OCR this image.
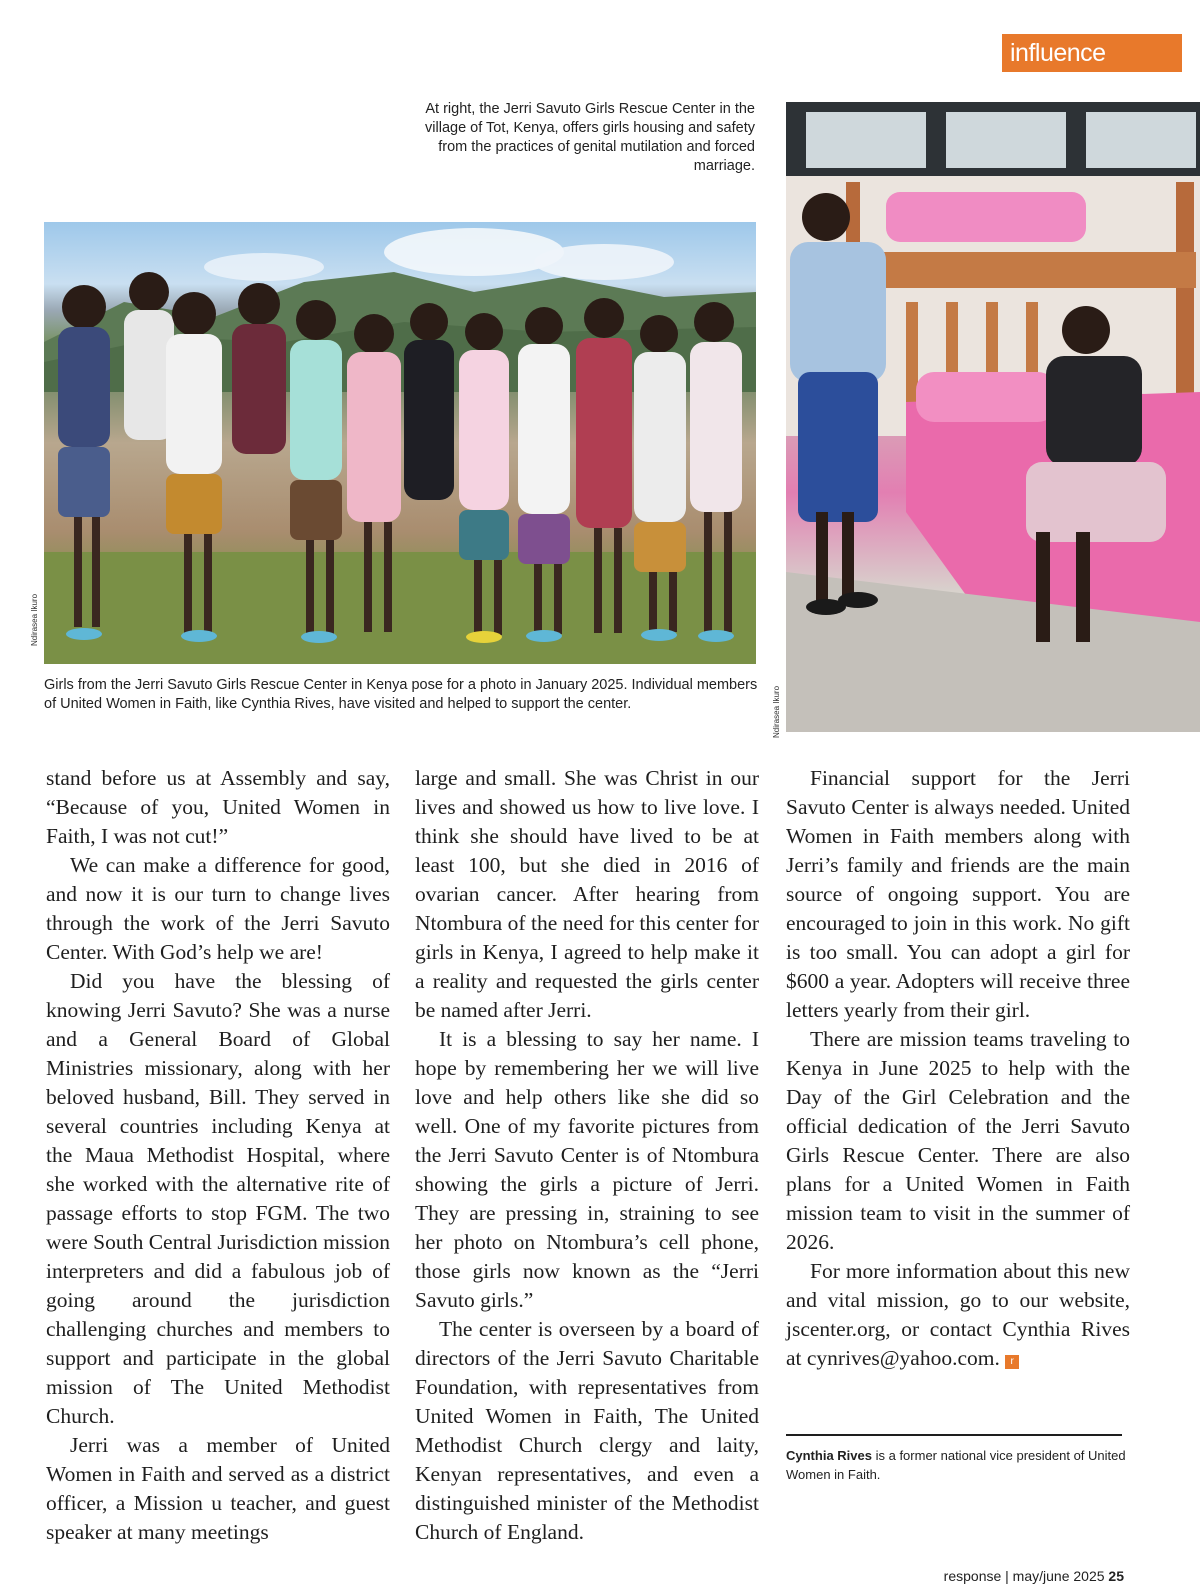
influence
At right, the Jerri Savuto Girls Rescue Center in the village of Tot, Kenya, offers girls housing and safety from the practices of genital mutilation and forced marriage.
Ndirasea Ikuro
Ndirasea Ikuro
Girls from the Jerri Savuto Girls Rescue Center in Kenya pose for a photo in January 2025. Individual members of United Women in Faith, like Cynthia Rives, have visited and helped to support the center.

stand before us at Assembly and say, “Because of you, United Women in Faith, I was not cut!”

We can make a difference for good, and now it is our turn to change lives through the work of the Jerri Savuto Center. With God’s help we are!

Did you have the blessing of knowing Jerri Savuto? She was a nurse and a General Board of Global Ministries missionary, along with her beloved husband, Bill. They served in several countries including Kenya at the Maua Methodist Hospital, where she worked with the alternative rite of passage efforts to stop FGM. The two were South Central Jurisdiction mission interpreters and did a fabulous job of going around the jurisdiction challenging churches and members to support and participate in the global mission of The United Methodist Church.

Jerri was a member of United Women in Faith and served as a district officer, a Mission u teacher, and guest speaker at many meetings

large and small. She was Christ in our lives and showed us how to live love. I think she should have lived to be at least 100, but she died in 2016 of ovarian cancer. After hearing from Ntombura of the need for this center for girls in Kenya, I agreed to help make it a reality and requested the girls center be named after Jerri.

It is a blessing to say her name. I hope by remembering her we will live love and help others like she did so well. One of my favorite pictures from the Jerri Savuto Center is of Ntombura showing the girls a picture of Jerri. They are pressing in, straining to see her photo on Ntombura’s cell phone, those girls now known as the “Jerri Savuto girls.”

The center is overseen by a board of directors of the Jerri Savuto Charitable Foundation, with representatives from United Women in Faith, The United Methodist Church clergy and laity, Kenyan representatives, and even a distinguished minister of the Methodist Church of England.

Financial support for the Jerri Savuto Center is always needed. United Women in Faith members along with Jerri’s family and friends are the main source of ongoing support. You are encouraged to join in this work. No gift is too small. You can adopt a girl for $600 a year. Adopters will receive three letters yearly from their girl.

There are mission teams traveling to Kenya in June 2025 to help with the Day of the Girl Celebration and the official dedication of the Jerri Savuto Girls Rescue Center. There are also plans for a United Women in Faith mission team to visit in the summer of 2026.

For more information about this new and vital mission, go to our website, jscenter.org, or contact Cynthia Rives at cynrives@yahoo.com. r

Cynthia Rives is a former national vice president of United Women in Faith.
response | may/june 2025 25
